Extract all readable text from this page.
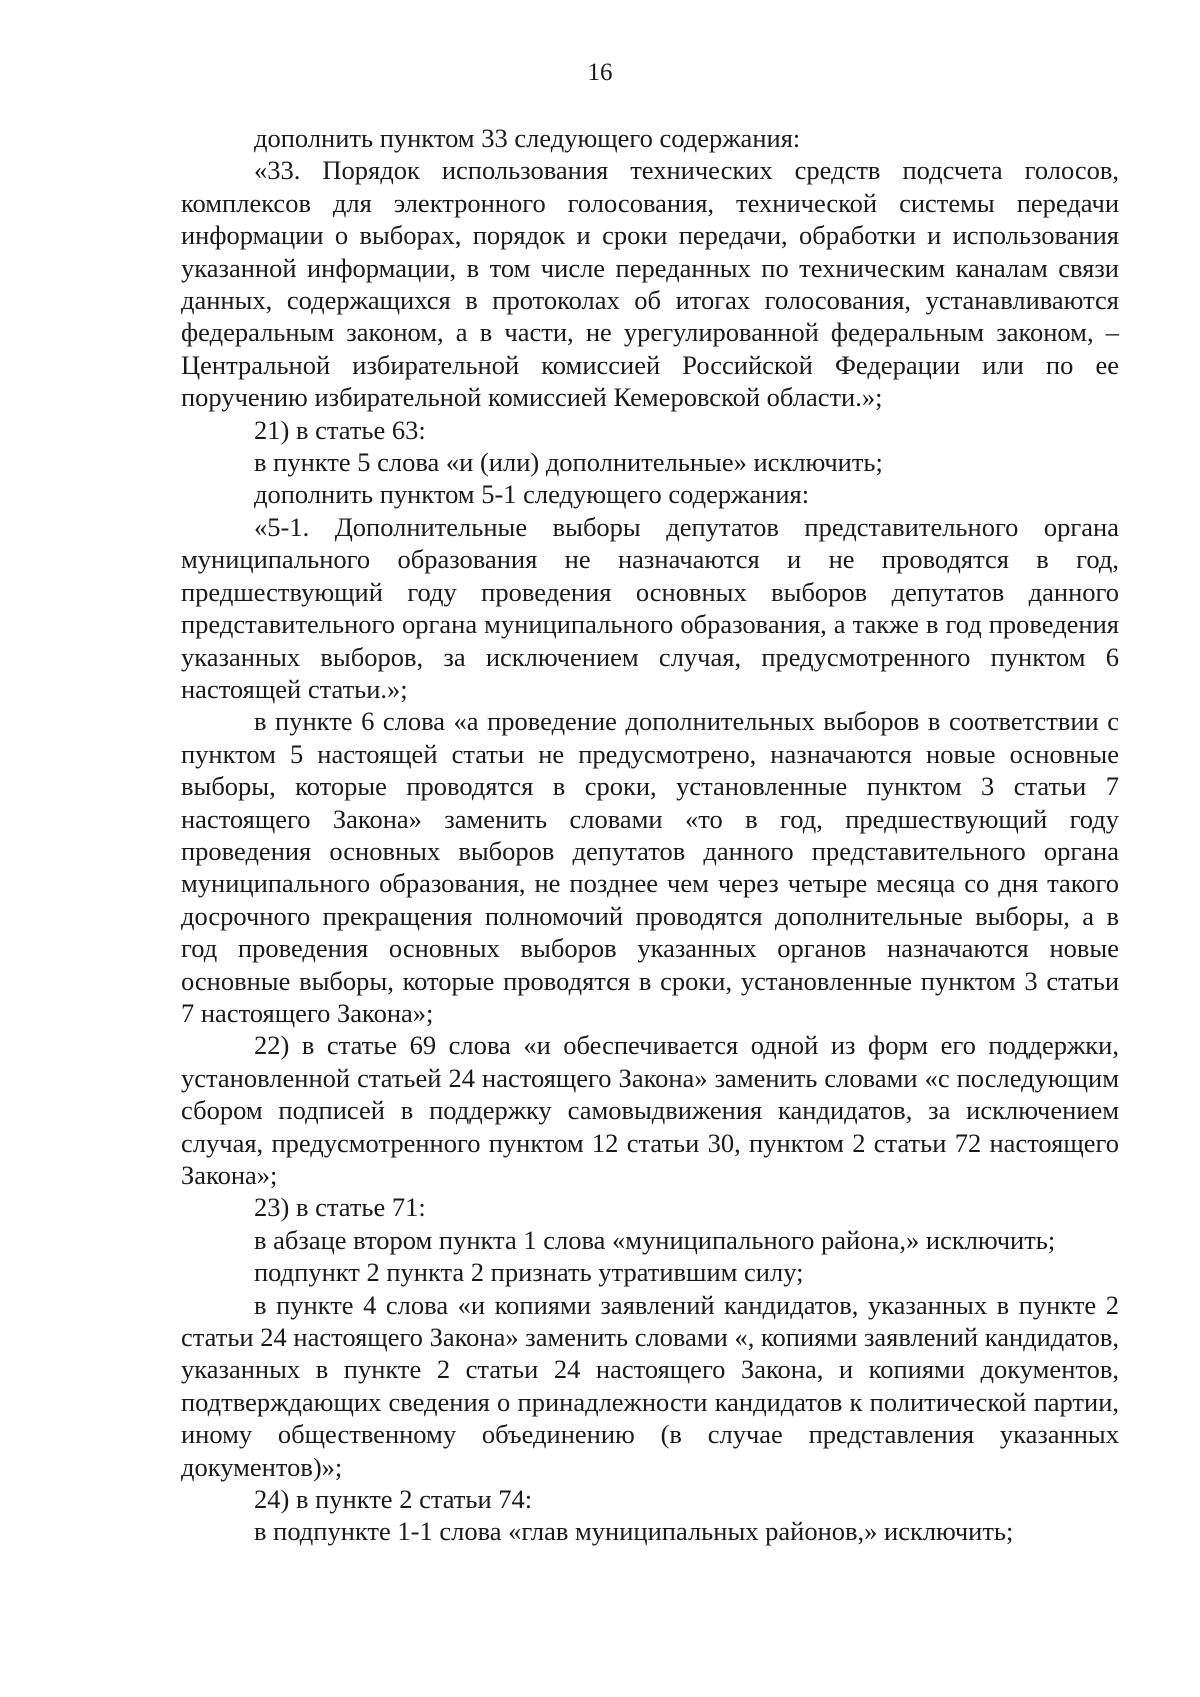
16

дополнить пунктом 33 следующего содержания:

«33. Порядок использования технических средств подсчета голосов, комплексов для электронного голосования, технической системы передачи информации о выборах, порядок и сроки передачи, обработки и использования указанной информации, в том числе переданных по техническим каналам связи данных, содержащихся в протоколах об итогах голосования, устанавливаются федеральным законом, а в части, не урегулированной федеральным законом, – Центральной избирательной комиссией Российской Федерации или по ее поручению избирательной комиссией Кемеровской области.»;

21) в статье 63:

в пункте 5 слова «и (или) дополнительные» исключить;

дополнить пунктом 5-1 следующего содержания:

«5-1. Дополнительные выборы депутатов представительного органа муниципального образования не назначаются и не проводятся в год, предшествующий году проведения основных выборов депутатов данного представительного органа муниципального образования, а также в год проведения указанных выборов, за исключением случая, предусмотренного пунктом 6 настоящей статьи.»;

в пункте 6 слова «а проведение дополнительных выборов в соответствии с пунктом 5 настоящей статьи не предусмотрено, назначаются новые основные выборы, которые проводятся в сроки, установленные пунктом 3 статьи 7 настоящего Закона» заменить словами «то в год, предшествующий году проведения основных выборов депутатов данного представительного органа муниципального образования, не позднее чем через четыре месяца со дня такого досрочного прекращения полномочий проводятся дополнительные выборы, а в год проведения основных выборов указанных органов назначаются новые основные выборы, которые проводятся в сроки, установленные пунктом 3 статьи 7 настоящего Закона»;

22) в статье 69 слова «и обеспечивается одной из форм его поддержки, установленной статьей 24 настоящего Закона» заменить словами «с последующим сбором подписей в поддержку самовыдвижения кандидатов, за исключением случая, предусмотренного пунктом 12 статьи 30, пунктом 2 статьи 72 настоящего Закона»;

23) в статье 71:

в абзаце втором пункта 1 слова «муниципального района,» исключить;

подпункт 2 пункта 2 признать утратившим силу;

в пункте 4 слова «и копиями заявлений кандидатов, указанных в пункте 2 статьи 24 настоящего Закона» заменить словами «, копиями заявлений кандидатов, указанных в пункте 2 статьи 24 настоящего Закона, и копиями документов, подтверждающих сведения о принадлежности кандидатов к политической партии, иному общественному объединению (в случае представления указанных документов)»;

24) в пункте 2 статьи 74:

в подпункте 1-1 слова «глав муниципальных районов,» исключить;
